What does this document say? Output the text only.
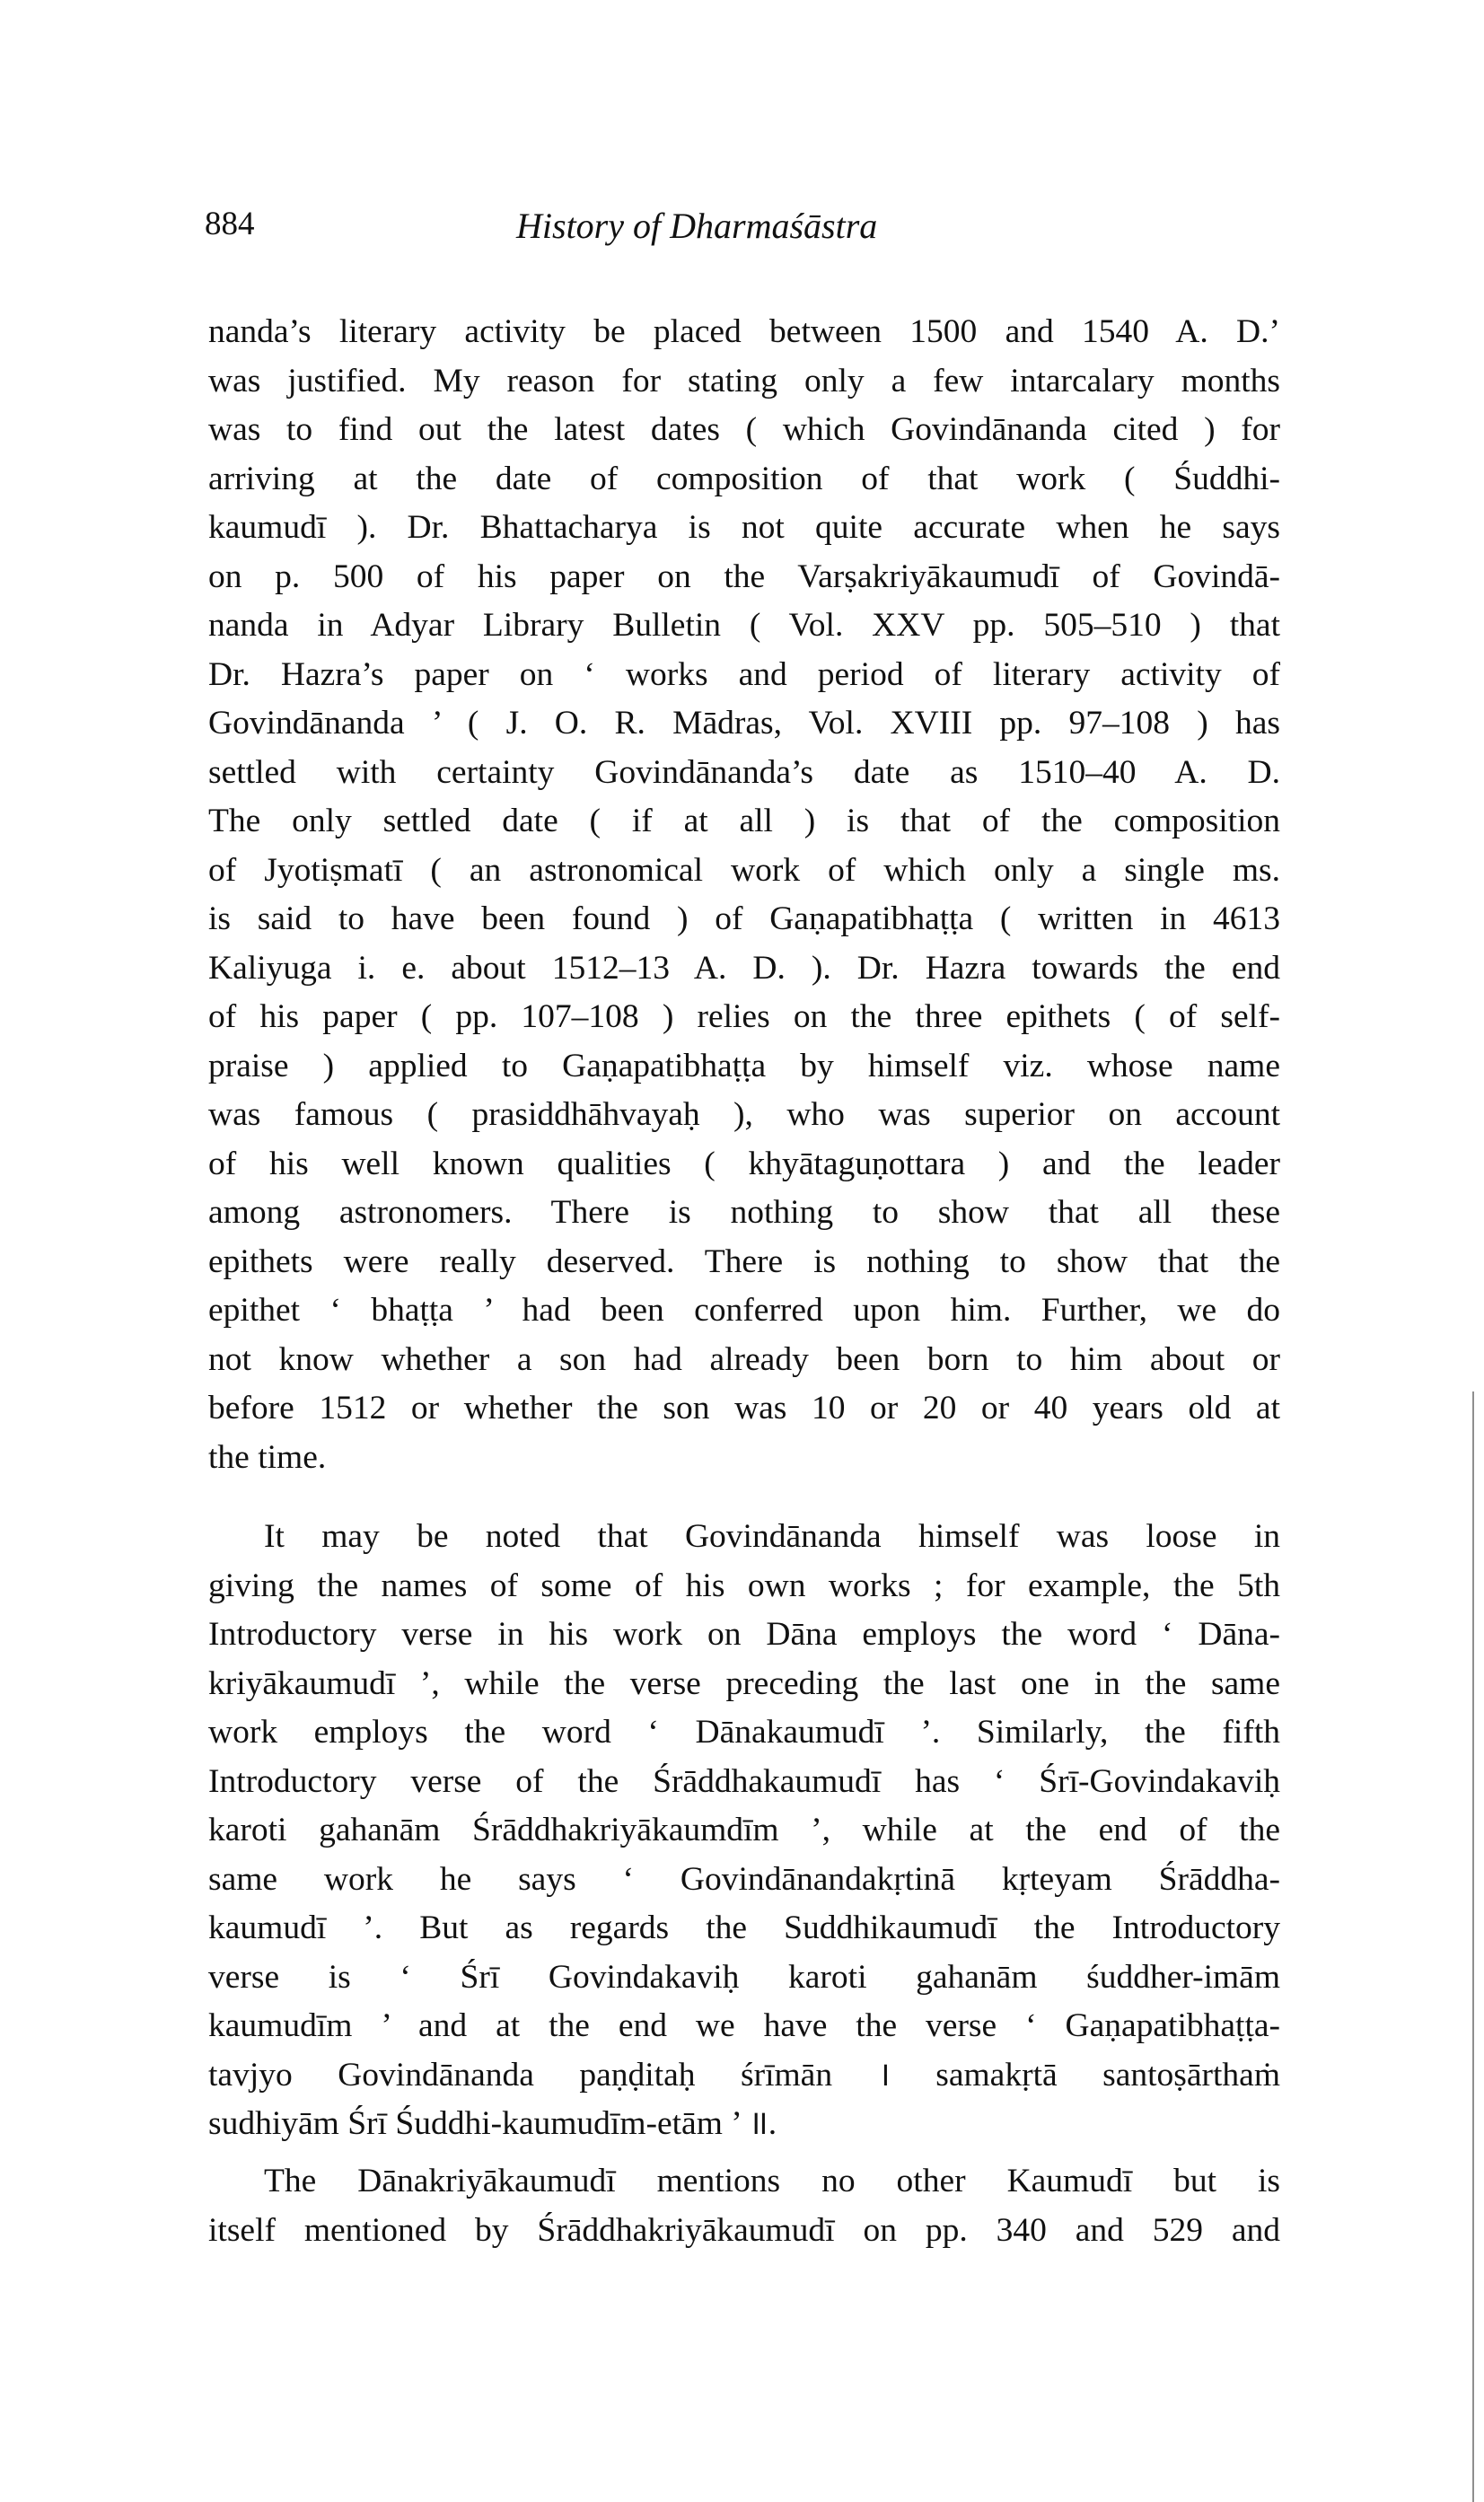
884	History of Dharmaśāstra
nanda’s literary activity be placed between 1500 and 1540 A. D.’
was justified. My reason for stating only a few intarcalary months
was to find out the latest dates ( which Govindānanda cited ) for
arriving at the date of composition of that work ( Śuddhi-
kaumudī ). Dr. Bhattacharya is not quite accurate when he says
on p. 500 of his paper on the Varṣakriyākaumudī of Govindā-
nanda in Adyar Library Bulletin ( Vol. XXV pp. 505–510 ) that
Dr. Hazra’s paper on ‘ works and period of literary activity of
Govindānanda ’ ( J. O. R. Mādras, Vol. XVIII pp. 97–108 ) has
settled with certainty Govindānanda’s date as 1510–40 A. D.
The only settled date ( if at all ) is that of the composition
of Jyotiṣmatī ( an astronomical work of which only a single ms.
is said to have been found ) of Gaṇapatibhaṭṭa ( written in 4613
Kaliyuga i. e. about 1512–13 A. D. ). Dr. Hazra towards the end
of his paper ( pp. 107–108 ) relies on the three epithets ( of self-
praise ) applied to Gaṇapatibhaṭṭa by himself viz. whose name
was famous ( prasiddhāhvayaḥ ), who was superior on account
of his well known qualities ( khyātaguṇottara ) and the leader
among astronomers. There is nothing to show that all these
epithets were really deserved. There is nothing to show that the
epithet ‘ bhaṭṭa ’ had been conferred upon him. Further, we do
not know whether a son had already been born to him about or
before 1512 or whether the son was 10 or 20 or 40 years old at
the time.
It may be noted that Govindānanda himself was loose in
giving the names of some of his own works ; for example, the 5th
Introductory verse in his work on Dāna employs the word ‘ Dāna-
kriyākaumudī ’, while the verse preceding the last one in the same
work employs the word ‘ Dānakaumudī ’. Similarly, the fifth
Introductory verse of the Śrāddhakaumudī has ‘ Śrī-Govindakaviḥ
karoti gahanām Śrāddhakriyākaumdīm ’, while at the end of the
same work he says ‘ Govindānandakṛtinā kṛteyam Śrāddha-
kaumudī ’. But as regards the Suddhikaumudī the Introductory
verse is ‘ Śrī Govindakaviḥ karoti gahanām śuddher-imām
kaumudīm ’ and at the end we have the verse ‘ Gaṇapatibhaṭṭa-
tavjyo Govindānanda paṇḍitaḥ śrīmān । samakṛtā santoṣārthaṁ
sudhiyām Śrī Śuddhi-kaumudīm-etām ’ ॥.
The Dānakriyākaumudī mentions no other Kaumudī but is
itself mentioned by Śrāddhakriyākaumudī on pp. 340 and 529 and
